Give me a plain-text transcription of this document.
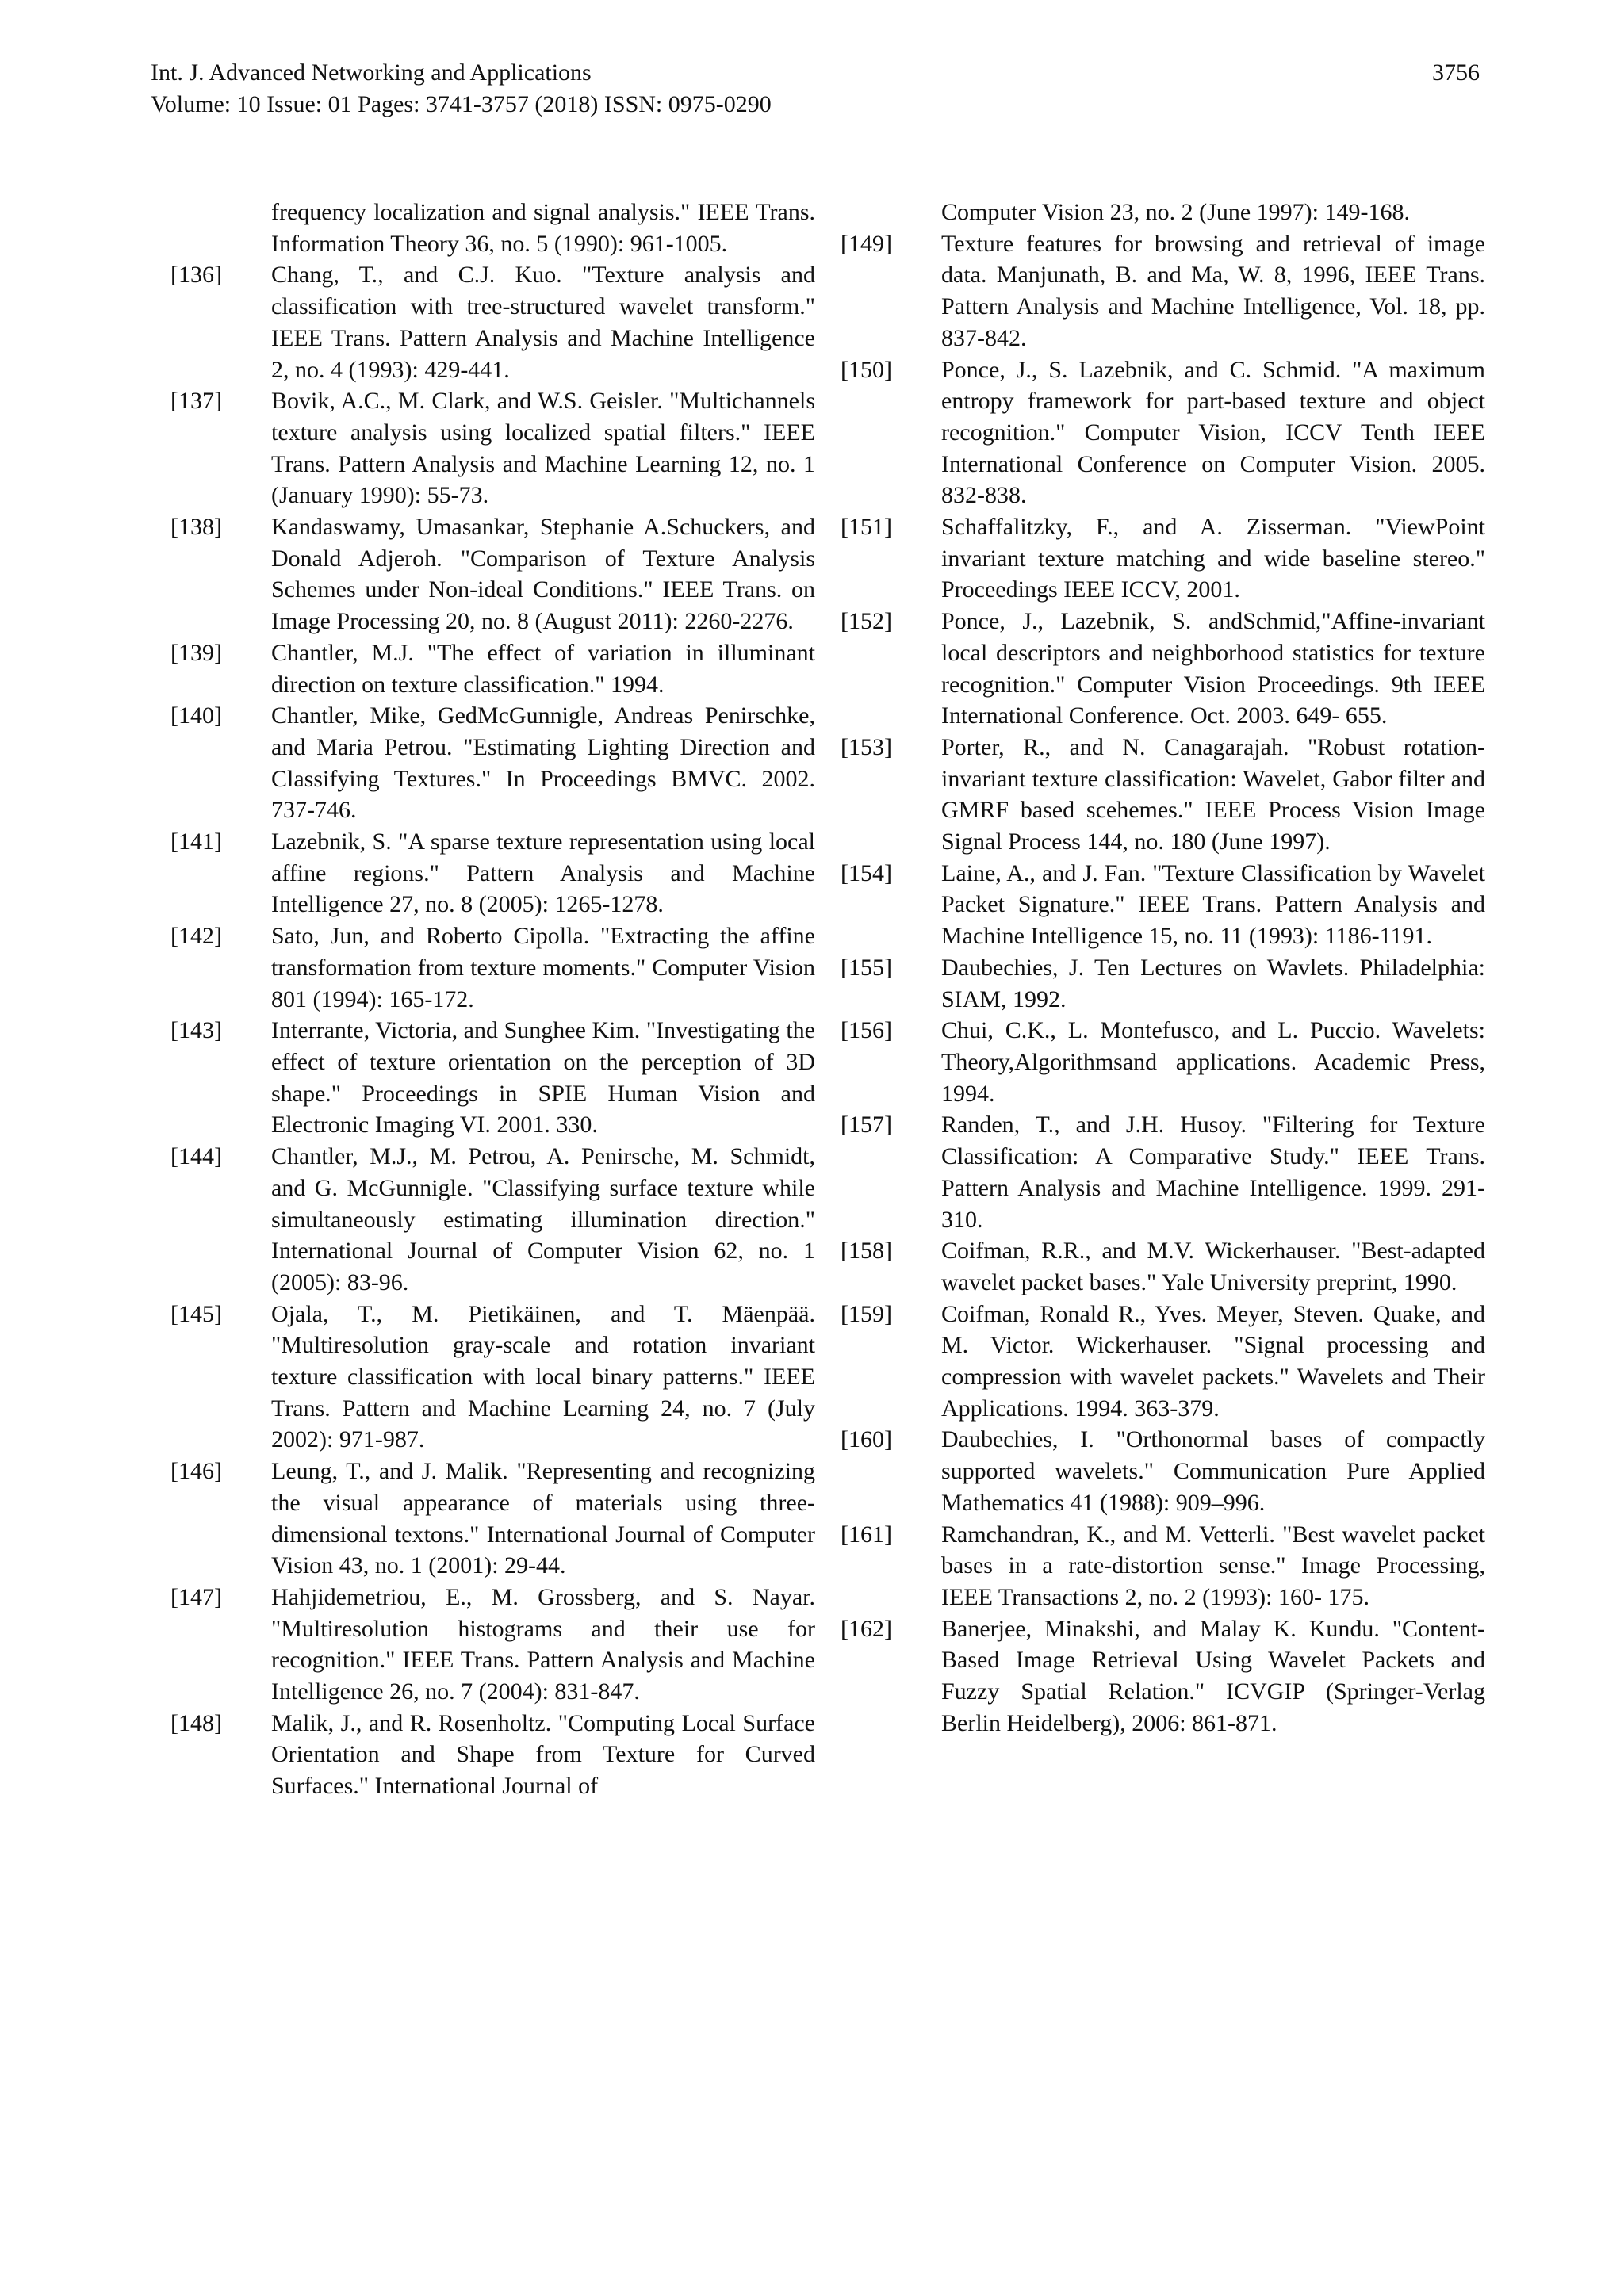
Int. J. Advanced Networking and Applications	3756
Volume: 10 Issue: 01 Pages: 3741-3757 (2018) ISSN: 0975-0290
frequency localization and signal analysis." IEEE Trans. Information Theory 36, no. 5 (1990): 961-1005.
[136]	Chang, T., and C.J. Kuo. "Texture analysis and classification with tree-structured wavelet transform." IEEE Trans. Pattern Analysis and Machine Intelligence 2, no. 4 (1993): 429-441.
[137]	Bovik, A.C., M. Clark, and W.S. Geisler. "Multichannels texture analysis using localized spatial filters." IEEE Trans. Pattern Analysis and Machine Learning 12, no. 1 (January 1990): 55-73.
[138]	Kandaswamy, Umasankar, Stephanie A.Schuckers, and Donald Adjeroh. "Comparison of Texture Analysis Schemes under Non-ideal Conditions." IEEE Trans. on Image Processing 20, no. 8 (August 2011): 2260-2276.
[139]	Chantler, M.J. "The effect of variation in illuminant direction on texture classification." 1994.
[140]	Chantler, Mike, GedMcGunnigle, Andreas Penirschke, and Maria Petrou. "Estimating Lighting Direction and Classifying Textures." In Proceedings BMVC. 2002. 737-746.
[141]	Lazebnik, S. "A sparse texture representation using local affine regions." Pattern Analysis and Machine Intelligence 27, no. 8 (2005): 1265-1278.
[142]	Sato, Jun, and Roberto Cipolla. "Extracting the affine transformation from texture moments." Computer Vision 801 (1994): 165-172.
[143]	Interrante, Victoria, and Sunghee Kim. "Investigating the effect of texture orientation on the perception of 3D shape." Proceedings in SPIE Human Vision and Electronic Imaging VI. 2001. 330.
[144]	Chantler, M.J., M. Petrou, A. Penirsche, M. Schmidt, and G. McGunnigle. "Classifying surface texture while simultaneously estimating illumination direction." International Journal of Computer Vision 62, no. 1 (2005): 83-96.
[145]	Ojala, T., M. Pietikäinen, and T. Mäenpää. "Multiresolution gray-scale and rotation invariant texture classification with local binary patterns." IEEE Trans. Pattern and Machine Learning 24, no. 7 (July 2002): 971-987.
[146]	Leung, T., and J. Malik. "Representing and recognizing the visual appearance of materials using three-dimensional textons." International Journal of Computer Vision 43, no. 1 (2001): 29-44.
[147]	Hahjidemetriou, E., M. Grossberg, and S. Nayar. "Multiresolution histograms and their use for recognition." IEEE Trans. Pattern Analysis and Machine Intelligence 26, no. 7 (2004): 831-847.
[148]	Malik, J., and R. Rosenholtz. "Computing Local Surface Orientation and Shape from Texture for Curved Surfaces." International Journal of
Computer Vision 23, no. 2 (June 1997): 149-168.
[149]	Texture features for browsing and retrieval of image data. Manjunath, B. and Ma, W. 8, 1996, IEEE Trans. Pattern Analysis and Machine Intelligence, Vol. 18, pp. 837-842.
[150]	Ponce, J., S. Lazebnik, and C. Schmid. "A maximum entropy framework for part-based texture and object recognition." Computer Vision, ICCV Tenth IEEE International Conference on Computer Vision. 2005. 832-838.
[151]	Schaffalitzky, F., and A. Zisserman. "ViewPoint invariant texture matching and wide baseline stereo." Proceedings IEEE ICCV, 2001.
[152]	Ponce, J., Lazebnik, S. andSchmid,"Affine-invariant local descriptors and neighborhood statistics for texture recognition." Computer Vision Proceedings. 9th IEEE International Conference. Oct. 2003. 649- 655.
[153]	Porter, R., and N. Canagarajah. "Robust rotation-invariant texture classification: Wavelet, Gabor filter and GMRF based scehemes." IEEE Process Vision Image Signal Process 144, no. 180 (June 1997).
[154]	Laine, A., and J. Fan. "Texture Classification by Wavelet Packet Signature." IEEE Trans. Pattern Analysis and Machine Intelligence 15, no. 11 (1993): 1186-1191.
[155]	Daubechies, J. Ten Lectures on Wavlets. Philadelphia: SIAM, 1992.
[156]	Chui, C.K., L. Montefusco, and L. Puccio. Wavelets: Theory,Algorithmsand applications. Academic Press, 1994.
[157]	Randen, T., and J.H. Husoy. "Filtering for Texture Classification: A Comparative Study." IEEE Trans. Pattern Analysis and Machine Intelligence. 1999. 291-310.
[158]	Coifman, R.R., and M.V. Wickerhauser. "Best-adapted wavelet packet bases." Yale University preprint, 1990.
[159]	Coifman, Ronald R., Yves. Meyer, Steven. Quake, and M. Victor. Wickerhauser. "Signal processing and compression with wavelet packets." Wavelets and Their Applications. 1994. 363-379.
[160]	Daubechies, I. "Orthonormal bases of compactly supported wavelets." Communication Pure Applied Mathematics 41 (1988): 909–996.
[161]	Ramchandran, K., and M. Vetterli. "Best wavelet packet bases in a rate-distortion sense." Image Processing, IEEE Transactions 2, no. 2 (1993): 160- 175.
[162]	Banerjee, Minakshi, and Malay K. Kundu. "Content-Based Image Retrieval Using Wavelet Packets and Fuzzy Spatial Relation." ICVGIP (Springer-Verlag Berlin Heidelberg), 2006: 861-871.
